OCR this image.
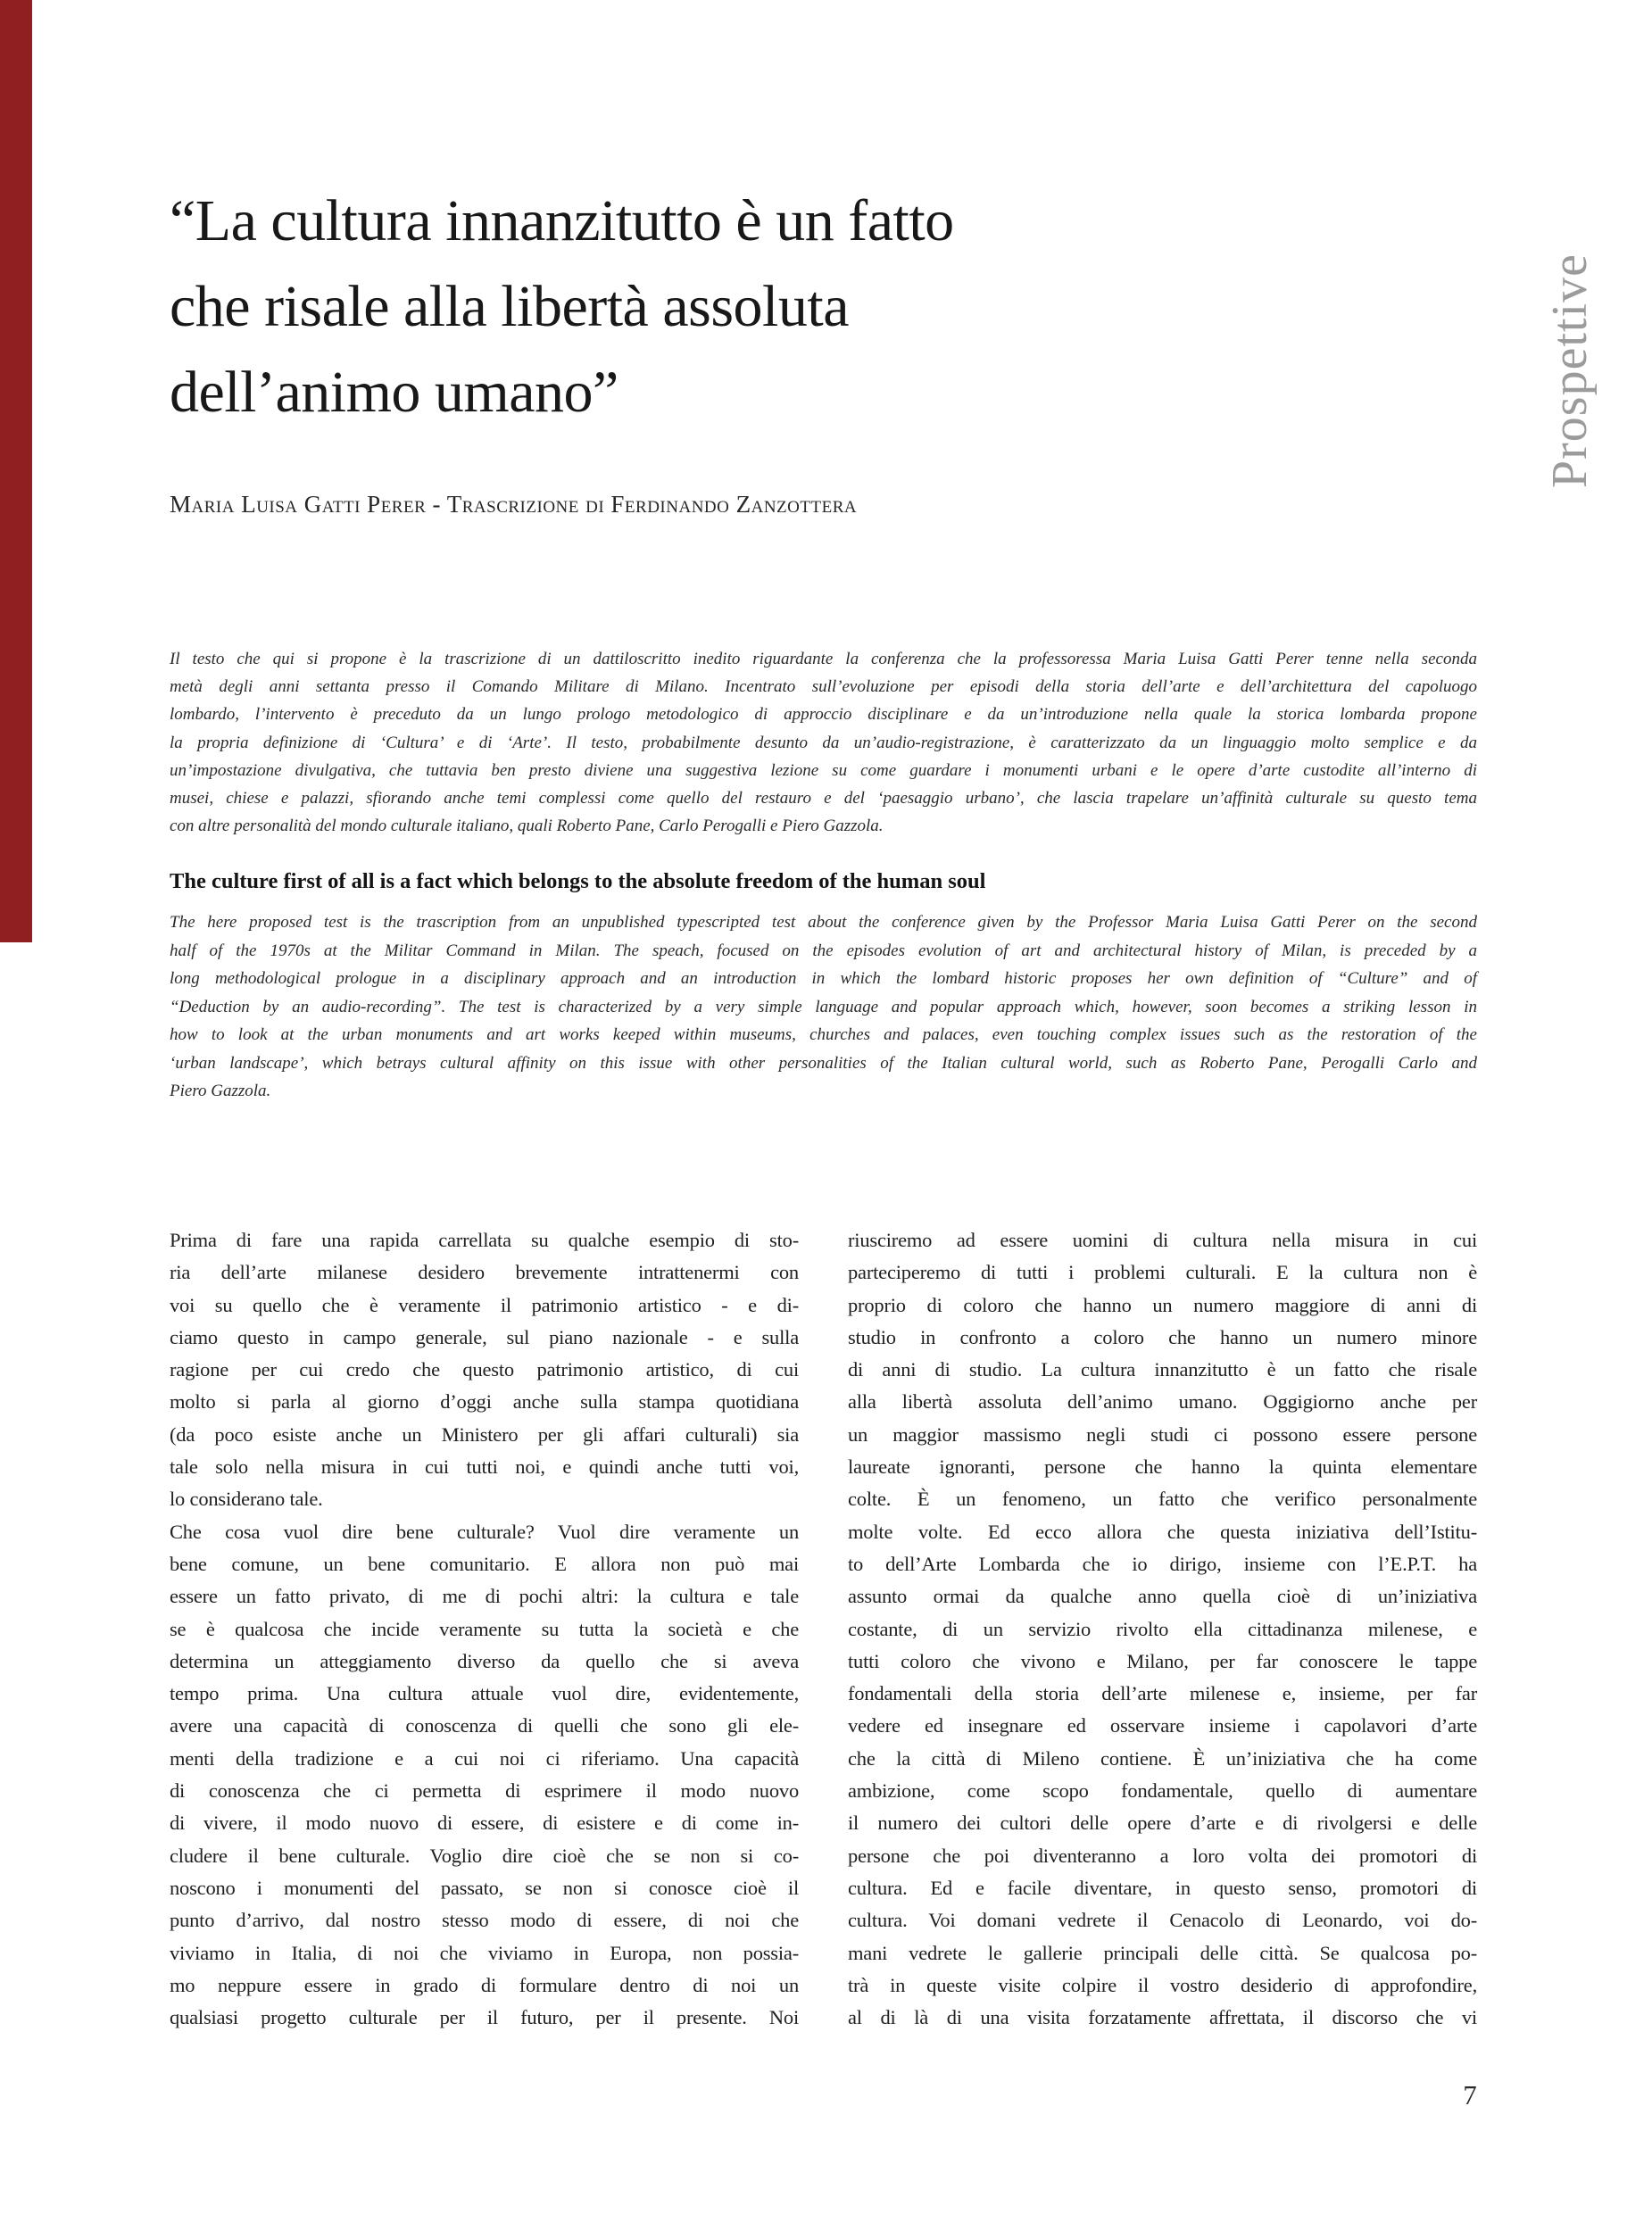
Prospettive
“La cultura innanzitutto è un fatto
che risale alla libertà assoluta
dell’animo umano”
Maria Luisa Gatti Perer - Trascrizione di Ferdinando Zanzottera
Il testo che qui si propone è la trascrizione di un dattiloscritto inedito riguardante la conferenza che la professoressa Maria Luisa Gatti Perer tenne nella seconda
metà degli anni settanta presso il Comando Militare di Milano. Incentrato sull’evoluzione per episodi della storia dell’arte e dell’architettura del capoluogo
lombardo, l’intervento è preceduto da un lungo prologo metodologico di approccio disciplinare e da un’introduzione nella quale la storica lombarda propone
la propria definizione di ‘Cultura’ e di ‘Arte’. Il testo, probabilmente desunto da un’audio-registrazione, è caratterizzato da un linguaggio molto semplice e da
un’impostazione divulgativa, che tuttavia ben presto diviene una suggestiva lezione su come guardare i monumenti urbani e le opere d’arte custodite all’interno di
musei, chiese e palazzi, sfiorando anche temi complessi come quello del restauro e del ‘paesaggio urbano’, che lascia trapelare un’affinità culturale su questo tema
con altre personalità del mondo culturale italiano, quali Roberto Pane, Carlo Perogalli e Piero Gazzola.
The culture first of all is a fact which belongs to the absolute freedom of the human soul
The here proposed test is the trascription from an unpublished typescripted test about the conference given by the Professor Maria Luisa Gatti Perer on the second
half of the 1970s at the Militar Command in Milan. The speach, focused on the episodes evolution of art and architectural history of Milan, is preceded by a
long methodological prologue in a disciplinary approach and an introduction in which the lombard historic proposes her own definition of “Culture” and of
“Deduction by an audio-recording”. The test is characterized by a very simple language and popular approach which, however, soon becomes a striking lesson in
how to look at the urban monuments and art works keeped within museums, churches and palaces, even touching complex issues such as the restoration of the
‘urban landscape’, which betrays cultural affinity on this issue with other personalities of the Italian cultural world, such as Roberto Pane, Perogalli Carlo and
Piero Gazzola.
Prima di fare una rapida carrellata su qualche esempio di sto-
ria dell’arte milanese desidero brevemente intrattenermi con
voi su quello che è veramente il patrimonio artistico - e di-
ciamo questo in campo generale, sul piano nazionale - e sulla
ragione per cui credo che questo patrimonio artistico, di cui
molto si parla al giorno d’oggi anche sulla stampa quotidiana
(da poco esiste anche un Ministero per gli affari culturali) sia
tale solo nella misura in cui tutti noi, e quindi anche tutti voi,
lo considerano tale.
Che cosa vuol dire bene culturale? Vuol dire veramente un
bene comune, un bene comunitario. E allora non può mai
essere un fatto privato, di me di pochi altri: la cultura e tale
se è qualcosa che incide veramente su tutta la società e che
determina un atteggiamento diverso da quello che si aveva
tempo prima. Una cultura attuale vuol dire, evidentemente,
avere una capacità di conoscenza di quelli che sono gli ele-
menti della tradizione e a cui noi ci riferiamo. Una capacità
di conoscenza che ci permetta di esprimere il modo nuovo
di vivere, il modo nuovo di essere, di esistere e di come in-
cludere il bene culturale. Voglio dire cioè che se non si co-
noscono i monumenti del passato, se non si conosce cioè il
punto d’arrivo, dal nostro stesso modo di essere, di noi che
viviamo in Italia, di noi che viviamo in Europa, non possia-
mo neppure essere in grado di formulare dentro di noi un
qualsiasi progetto culturale per il futuro, per il presente. Noi
riusciremo ad essere uomini di cultura nella misura in cui
parteciperemo di tutti i problemi culturali. E la cultura non è
proprio di coloro che hanno un numero maggiore di anni di
studio in confronto a coloro che hanno un numero minore
di anni di studio. La cultura innanzitutto è un fatto che risale
alla libertà assoluta dell’animo umano. Oggigiorno anche per
un maggior massismo negli studi ci possono essere persone
laureate ignoranti, persone che hanno la quinta elementare
colte. È un fenomeno, un fatto che verifico personalmente
molte volte. Ed ecco allora che questa iniziativa dell’Istitu-
to dell’Arte Lombarda che io dirigo, insieme con l’E.P.T. ha
assunto ormai da qualche anno quella cioè di un’iniziativa
costante, di un servizio rivolto ella cittadinanza milenese, e
tutti coloro che vivono e Milano, per far conoscere le tappe
fondamentali della storia dell’arte milenese e, insieme, per far
vedere ed insegnare ed osservare insieme i capolavori d’arte
che la città di Mileno contiene. È un’iniziativa che ha come
ambizione, come scopo fondamentale, quello di aumentare
il numero dei cultori delle opere d’arte e di rivolgersi e delle
persone che poi diventeranno a loro volta dei promotori di
cultura. Ed e facile diventare, in questo senso, promotori di
cultura. Voi domani vedrete il Cenacolo di Leonardo, voi do-
mani vedrete le gallerie principali delle città. Se qualcosa po-
trà in queste visite colpire il vostro desiderio di approfondire,
al di là di una visita forzatamente affrettata, il discorso che vi
7
